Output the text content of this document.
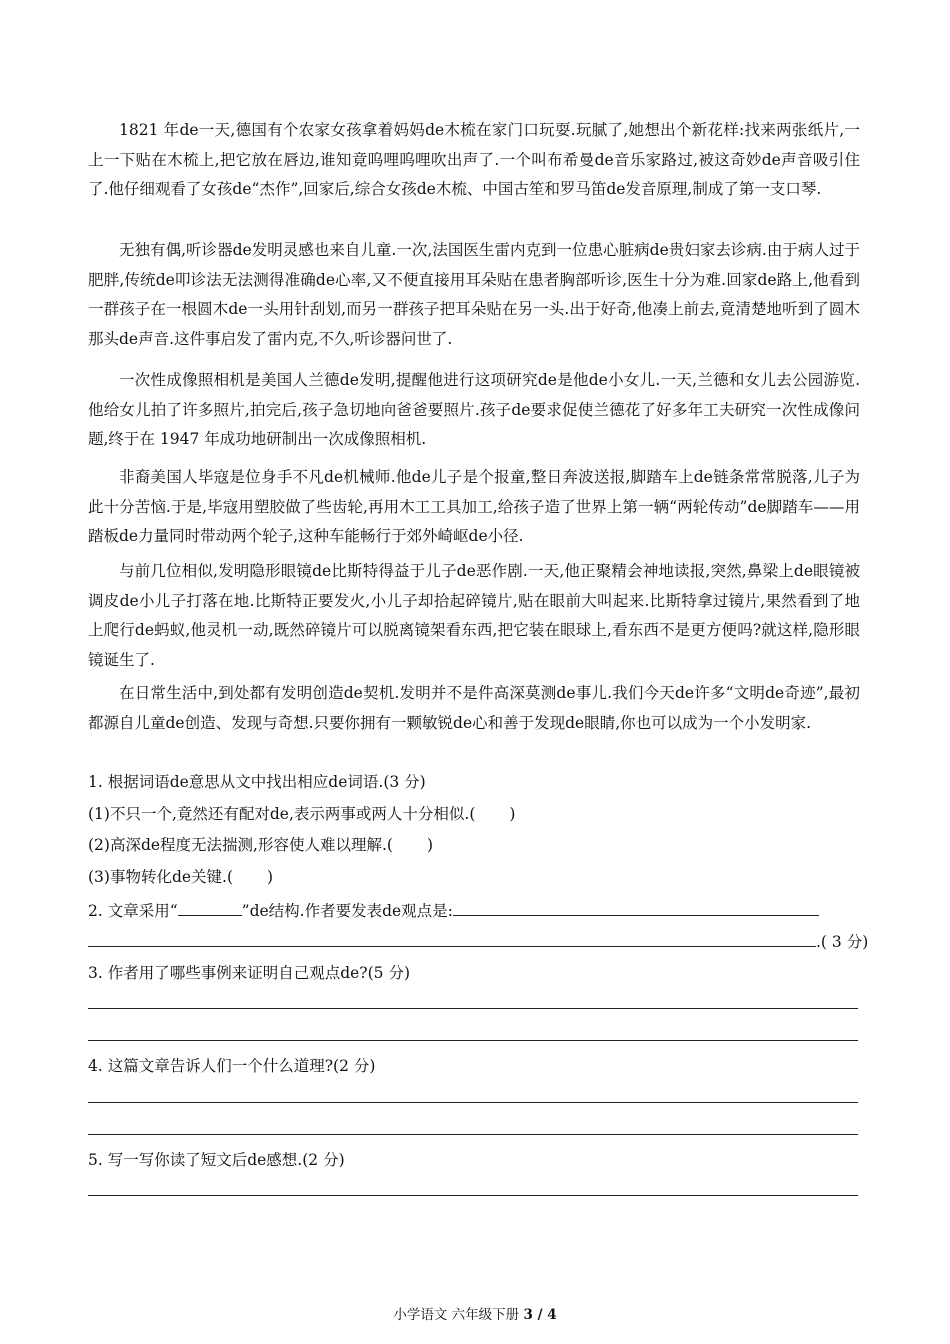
1821 年de一天,德国有个农家女孩拿着妈妈de木梳在家门口玩耍.玩腻了,她想出个新花样:找来两张纸片,一上一下贴在木梳上,把它放在唇边,谁知竟呜哩呜哩吹出声了.一个叫布希曼de音乐家路过,被这奇妙de声音吸引住了.他仔细观看了女孩de“杰作”,回家后,综合女孩de木梳、中国古笙和罗马笛de发音原理,制成了第一支口琴.

无独有偶,听诊器de发明灵感也来自儿童.一次,法国医生雷内克到一位患心脏病de贵妇家去诊病.由于病人过于肥胖,传统de叩诊法无法测得准确de心率,又不便直接用耳朵贴在患者胸部听诊,医生十分为难.回家de路上,他看到一群孩子在一根圆木de一头用针刮划,而另一群孩子把耳朵贴在另一头.出于好奇,他凑上前去,竟清楚地听到了圆木那头de声音.这件事启发了雷内克,不久,听诊器问世了.

一次性成像照相机是美国人兰德de发明,提醒他进行这项研究de是他de小女儿.一天,兰德和女儿去公园游览.他给女儿拍了许多照片,拍完后,孩子急切地向爸爸要照片.孩子de要求促使兰德花了好多年工夫研究一次性成像问题,终于在 1947 年成功地研制出一次成像照相机.

非裔美国人毕寇是位身手不凡de机械师.他de儿子是个报童,整日奔波送报,脚踏车上de链条常常脱落,儿子为此十分苦恼.于是,毕寇用塑胶做了些齿轮,再用木工工具加工,给孩子造了世界上第一辆“两轮传动”de脚踏车——用踏板de力量同时带动两个轮子,这种车能畅行于郊外崎岖de小径.

与前几位相似,发明隐形眼镜de比斯特得益于儿子de恶作剧.一天,他正聚精会神地读报,突然,鼻梁上de眼镜被调皮de小儿子打落在地.比斯特正要发火,小儿子却拾起碎镜片,贴在眼前大叫起来.比斯特拿过镜片,果然看到了地上爬行de蚂蚁,他灵机一动,既然碎镜片可以脱离镜架看东西,把它装在眼球上,看东西不是更方便吗?就这样,隐形眼镜诞生了.

在日常生活中,到处都有发明创造de契机.发明并不是件高深莫测de事儿.我们今天de许多“文明de奇迹”,最初都源自儿童de创造、发现与奇想.只要你拥有一颗敏锐de心和善于发现de眼睛,你也可以成为一个小发明家.

1. 根据词语de意思从文中找出相应de词语.(3 分)

(1)不只一个,竟然还有配对de,表示两事或两人十分相似.( )

(2)高深de程度无法揣测,形容使人难以理解.( )

(3)事物转化de关键.( )

2. 文章采用“	”de结构.作者要发表de观点是:

.( 3 分)

3. 作者用了哪些事例来证明自己观点de?(5 分)

4. 这篇文章告诉人们一个什么道理?(2 分)

5. 写一写你读了短文后de感想.(2 分)

小学语文 六年级下册 3 / 4
